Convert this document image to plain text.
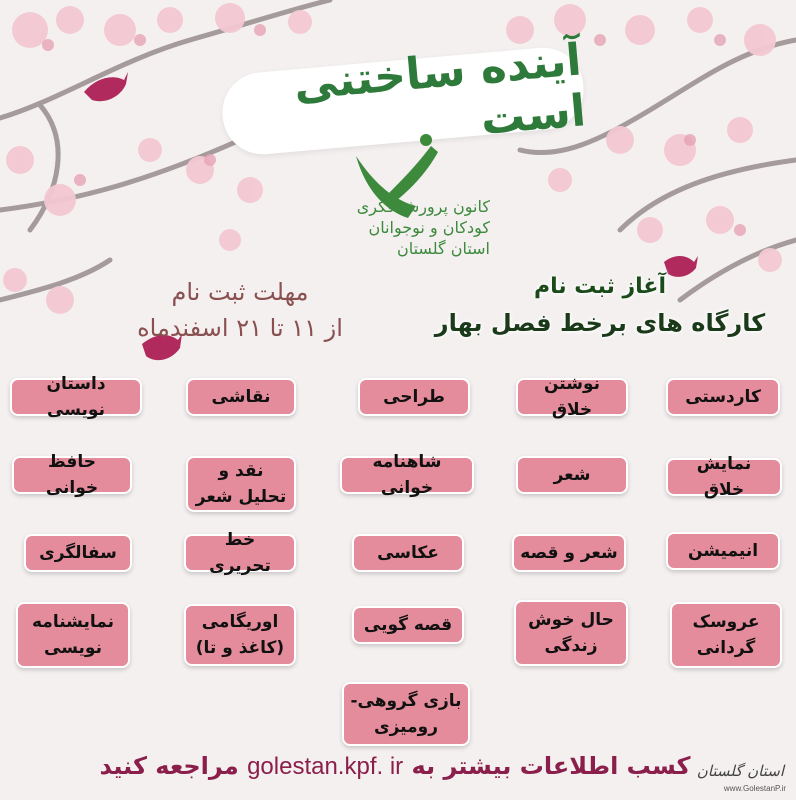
آینده ساختنی است
کانون پرورش فکری
کودکان و نوجوانان
استان گلستان
مهلت ثبت نام
از ۱۱ تا ۲۱ اسفندماه
آغاز ثبت نام
کارگاه های برخط فصل بهار
کاردستی
نوشتن خلاق
طراحی
نقاشی
داستان نویسی
نمایش خلاق
شعر
شاهنامه خوانی
نقد و تحلیل شعر
حافظ خوانی
انیمیشن
شعر و قصه
عکاسی
خط تحریری
سفالگری
عروسک گردانی
حال خوش زندگی
قصه گویی
اوریگامی (کاغذ و تا)
نمایشنامه نویسی
بازی گروهی-رومیزی
کسب اطلاعات بیشتر به golestan.kpf. ir مراجعه کنید	استان گلستان
www.GolestanP.ir
